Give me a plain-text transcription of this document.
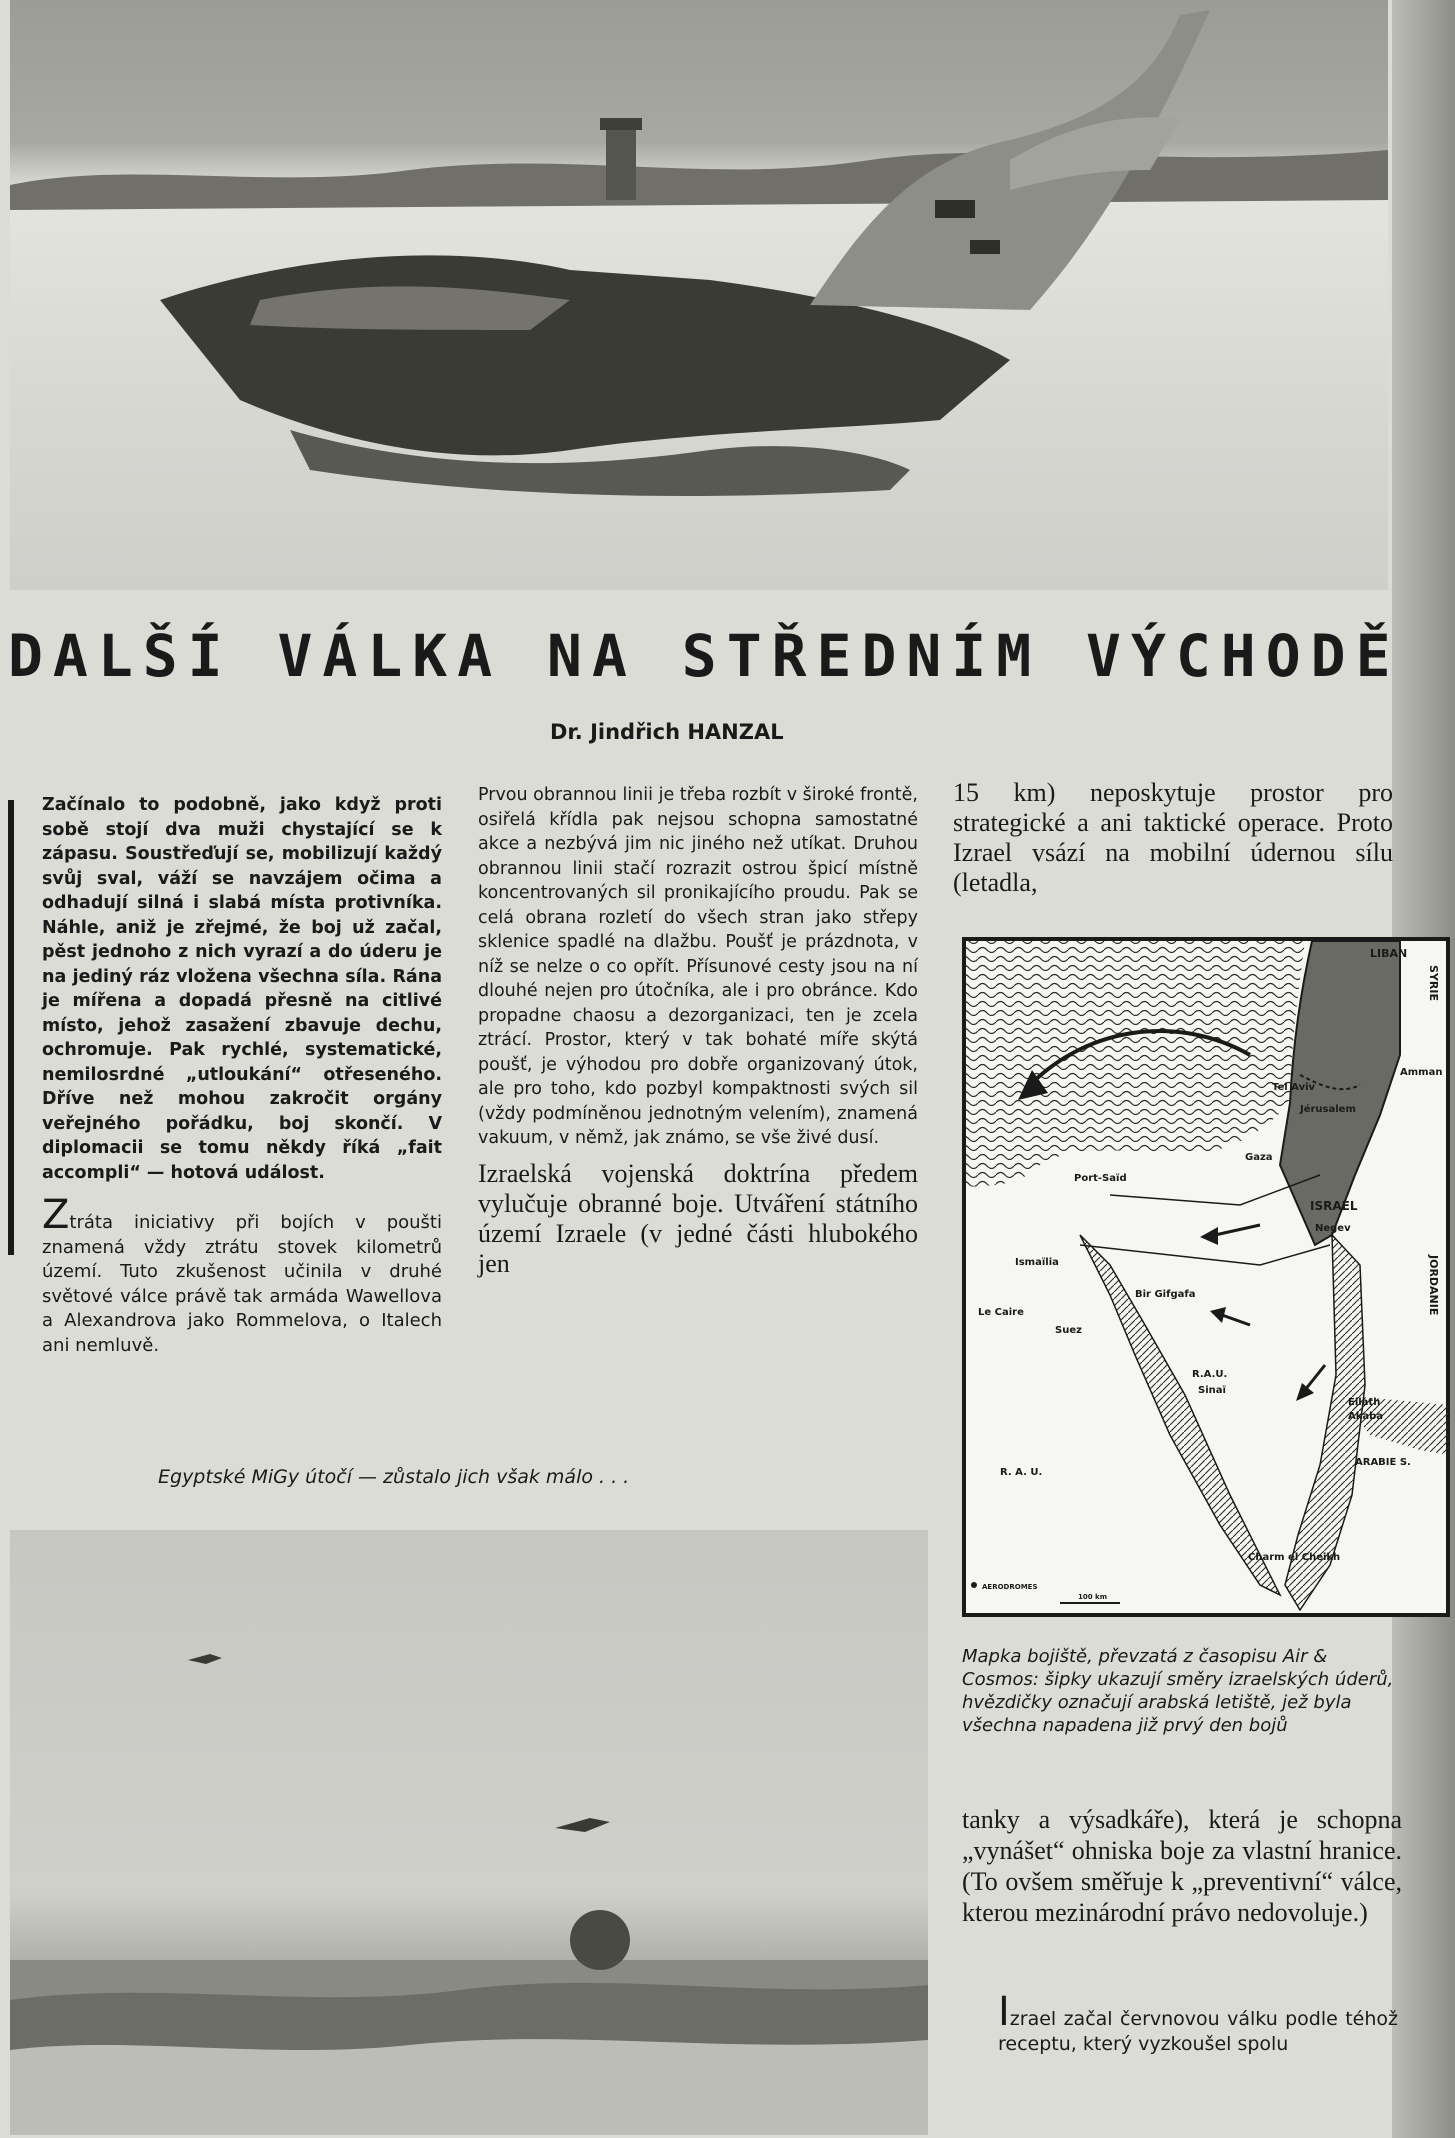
DALŠÍ VÁLKA NA STŘEDNÍM VÝCHODĚ

Dr. Jindřich HANZAL

Začínalo to podobně, jako když proti sobě stojí dva muži chystající se k zápasu. Soustřeďují se, mobilizují každý svůj sval, váží se navzájem očima a odhadují silná i slabá místa protivníka. Náhle, aniž je zřejmé, že boj už začal, pěst jednoho z nich vyrazí a do úderu je na jediný ráz vložena všechna síla. Rána je mířena a dopadá přesně na citlivé místo, jehož zasažení zbavuje dechu, ochromuje. Pak rychlé, systematické, nemilosrdné „utloukání“ otřeseného. Dříve než mohou zakročit orgány veřejného pořádku, boj skončí. V diplomacii se tomu někdy říká „fait accompli“ — hotová událost.

Ztráta iniciativy při bojích v poušti znamená vždy ztrátu stovek kilometrů území. Tuto zkušenost učinila v druhé světové válce právě tak armáda Wawellova a Alexandrova jako Rommelova, o Italech ani nemluvě.

Prvou obrannou linii je třeba rozbít v široké frontě, osiřelá křídla pak nejsou schopna samostatné akce a nezbývá jim nic jiného než utíkat. Druhou obrannou linii stačí rozrazit ostrou špicí místně koncentrovaných sil pronikajícího proudu. Pak se celá obrana rozletí do všech stran jako střepy sklenice spadlé na dlažbu. Poušť je prázdnota, v níž se nelze o co opřít. Přísunové cesty jsou na ní dlouhé nejen pro útočníka, ale i pro obránce. Kdo propadne chaosu a dezorganizaci, ten je zcela ztrácí. Prostor, který v tak bohaté míře skýtá poušť, je výhodou pro dobře organizovaný útok, ale pro toho, kdo pozbyl kompaktnosti svých sil (vždy podmíněnou jednotným velením), znamená vakuum, v němž, jak známo, se vše živé dusí.

Izraelská vojenská doktrína předem vylučuje obranné boje. Utváření státního území Izraele (v jedné části hlubokého jen

15 km) neposkytuje prostor pro strategické a ani taktické operace. Proto Izrael vsází na mobilní údernou sílu (letadla,

LIBAN
SYRIE
Tel Aviv
Amman
Jérusalem
Gaza
Port-Saïd
ISRAEL
Negev
Ismaïlia
Bir Gifgafa
Le Caire
Suez
JORDANIE
R.A.U.
Sinaï
Eilath
Akaba
R. A. U.
ARABIE S.
Charm el Cheikh
AERODROMES
100 km

Mapka bojiště, převzatá z časopisu Air & Cosmos: šipky ukazují směry izraelských úderů, hvězdičky označují arabská letiště, jež byla všechna napadena již prvý den bojů

Egyptské MiGy útočí — zůstalo jich však málo . . .

tanky a výsadkáře), která je schopna „vynášet“ ohniska boje za vlastní hranice. (To ovšem směřuje k „preventivní“ válce, kterou mezinárodní právo nedovoluje.)

Izrael začal červnovou válku podle téhož receptu, který vyzkoušel spolu
